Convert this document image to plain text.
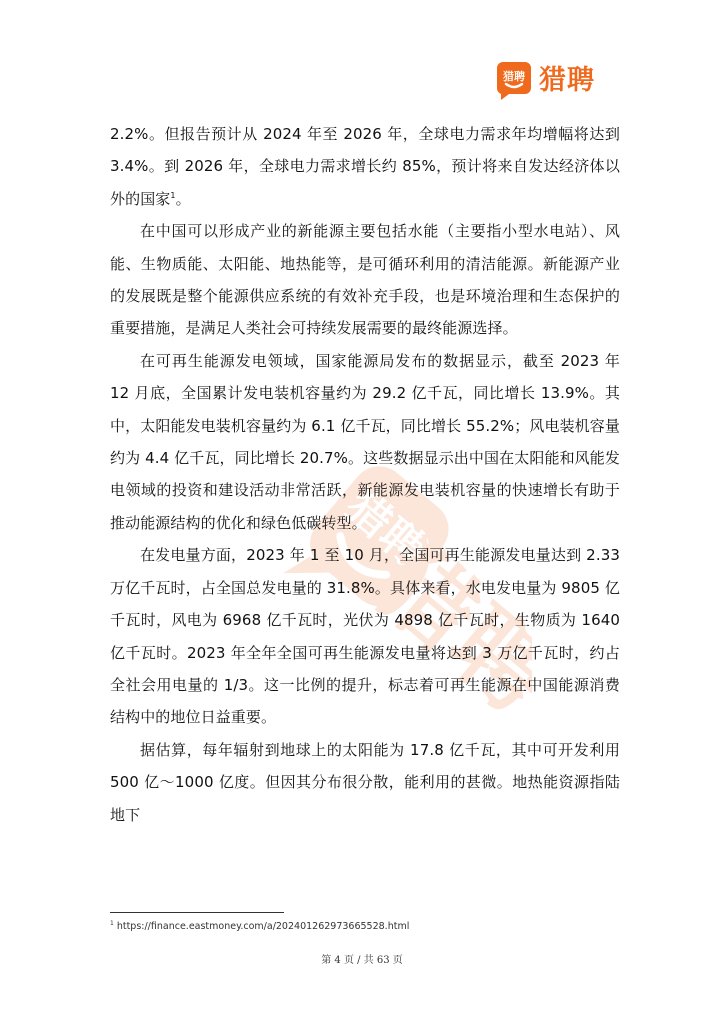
猎聘 猎聘
猎聘
猎聘

2.2%。但报告预计从 2024 年至 2026 年，全球电力需求年均增幅将达到 3.4%。到 2026 年，全球电力需求增长约 85%，预计将来自发达经济体以外的国家$^1$。

在中国可以形成产业的新能源主要包括水能（主要指小型水电站）、风能、生物质能、太阳能、地热能等，是可循环利用的清洁能源。新能源产业的发展既是整个能源供应系统的有效补充手段，也是环境治理和生态保护的重要措施，是满足人类社会可持续发展需要的最终能源选择。

在可再生能源发电领域，国家能源局发布的数据显示，截至 2023 年 12 月底，全国累计发电装机容量约为 29.2 亿千瓦，同比增长 13.9%。其中，太阳能发电装机容量约为 6.1 亿千瓦，同比增长 55.2%；风电装机容量约为 4.4 亿千瓦，同比增长 20.7%。这些数据显示出中国在太阳能和风能发电领域的投资和建设活动非常活跃，新能源发电装机容量的快速增长有助于推动能源结构的优化和绿色低碳转型。

在发电量方面，2023 年 1 至 10 月，全国可再生能源发电量达到 2.33 万亿千瓦时，占全国总发电量的 31.8%。具体来看，水电发电量为 9805 亿千瓦时，风电为 6968 亿千瓦时，光伏为 4898 亿千瓦时，生物质为 1640 亿千瓦时。2023 年全年全国可再生能源发电量将达到 3 万亿千瓦时，约占全社会用电量的 1/3。这一比例的提升，标志着可再生能源在中国能源消费结构中的地位日益重要。

据估算，每年辐射到地球上的太阳能为 17.8 亿千瓦，其中可开发利用 500 亿～1000 亿度。但因其分布很分散，能利用的甚微。地热能资源指陆地下

$^1$ https://finance.eastmoney.com/a/202401262973665528.html
第 4 页 / 共 63 页
